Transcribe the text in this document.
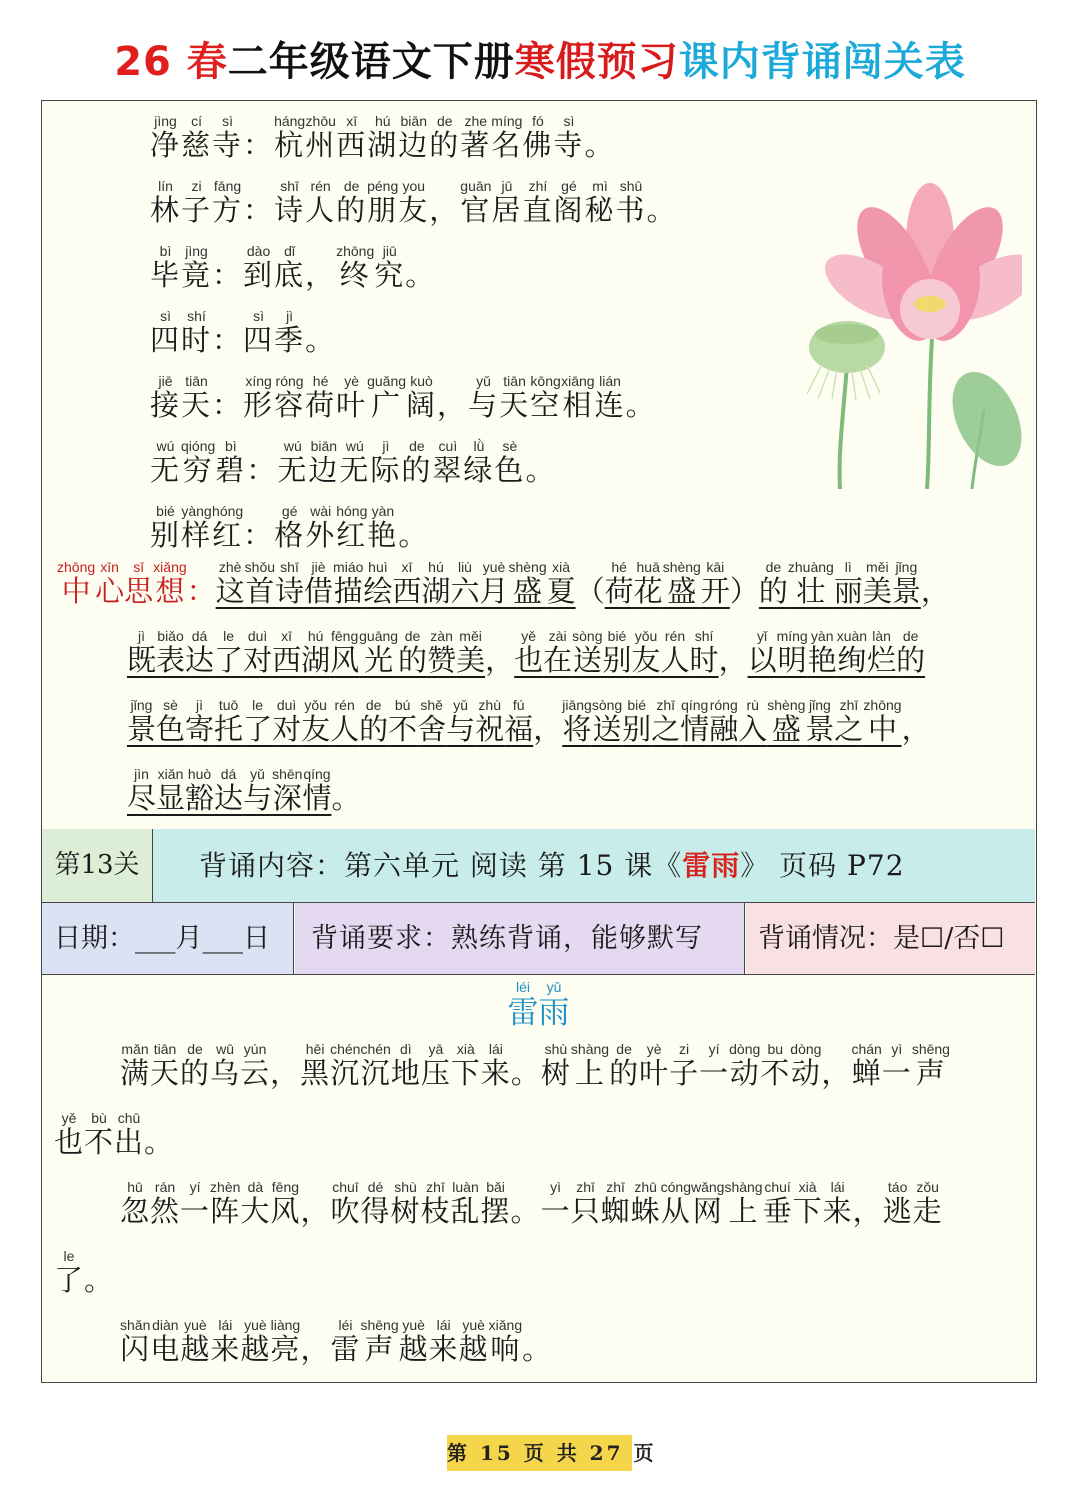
26 春二年级语文下册寒假预习课内背诵闯关表
净jìng慈cí寺sì： 杭háng州zhōu西xī湖hú边biān的de著zhe名míng佛fó寺sì。
林lín子zi方fāng： 诗shī人rén的de朋péng友you， 官guān居jū直zhí阁gé秘mì书shū。
毕bì竟jìng： 到dào底dǐ， 终zhōng究jiū。
四sì时shí： 四sì季jì。
接jiē天tiān： 形xíng容róng荷hé叶yè广guǎng阔kuò， 与yǔ天tiān空kōng相xiāng连lián。
无wú穷qióng碧bì： 无wú边biān无wú际jì的de翠cuì绿lǜ色sè。
别bié样yàng红hóng： 格gé外wài红hóng艳yàn。
中zhōng心xīn思sī想xiǎng： 这zhè首shǒu诗shī借jiè描miáo绘huì西xī湖hú六liù月yuè盛shèng夏xià（ 荷hé花huā盛shèng开kāi） 的de壮zhuàng丽lì美měi景jǐng，
既jì表biǎo达dá了le对duì西xī湖hú风fēng光guāng的de赞zàn美měi， 也yě在zài送sòng别bié友yǒu人rén时shí， 以yǐ明míng艳yàn绚xuàn烂làn的de
景jǐng色sè寄jì托tuō了le对duì友yǒu人rén的de不bú舍shě与yǔ祝zhù福fú， 将jiāng送sòng别bié之zhī情qíng融róng入rù盛shèng景jǐng之zhī中zhōng，
尽jìn显xiǎn豁huò达dá与yǔ深shēn情qíng。
第13关	背诵内容：第六单元 阅读 第 15 课《雷雨》 页码 P72
日期：___月___日	背诵要求：熟练背诵，能够默写	背诵情况：是☐/否☐
雷léi雨yǔ
满mǎn天tiān的de乌wū云yún， 黑hēi沉chén沉chén地dì压yā下xià来lái。 树shù上shàng的de叶yè子zi一yí动dòng不bu动dòng， 蝉chán一yì声shēng
也yě不bù出chū。
忽hū然rán一yí阵zhèn大dà风fēng， 吹chuī得dé树shù枝zhī乱luàn摆bǎi。 一yì只zhī蜘zhī蛛zhū从cóng网wǎng上shàng垂chuí下xià来lái， 逃táo走zǒu
了le。
闪shǎn电diàn越yuè来lái越yuè亮liàng， 雷léi声shēng越yuè来lái越yuè响xiǎng。
第 15 页 共 27 页
